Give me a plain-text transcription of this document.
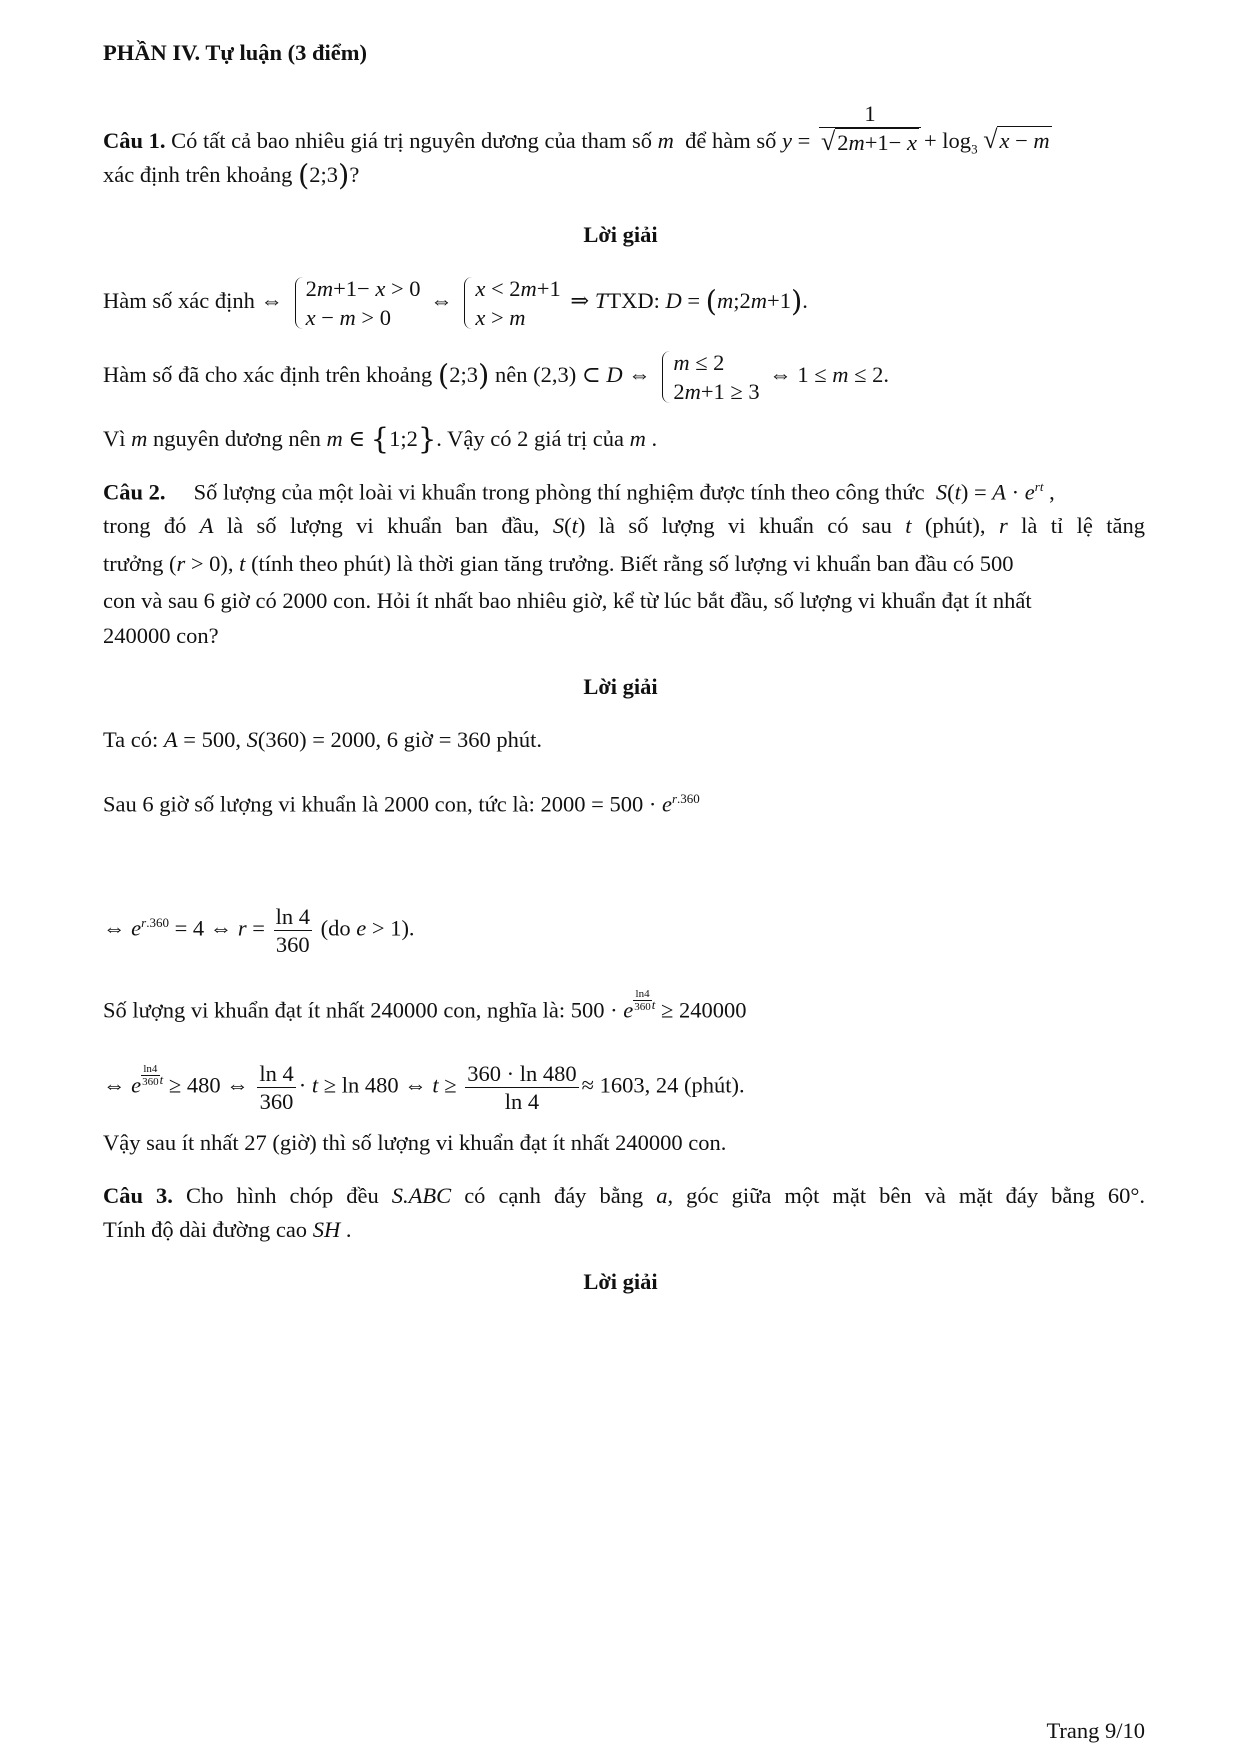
PHẦN IV. Tự luận (3 điểm)
Câu 1. Có tất cả bao nhiêu giá trị nguyên dương của tham số m để hàm số $y = \frac{1}{√2m+1- x} + \log_3 √x - m$
xác định trên khoảng (2;3)?
Lời giải
Hàm số xác định ⇔ 2m+1− x > 0
x − m > 0
⇔ x < 2m+1
x > m
⇒ TTXD: D = (m;2m+1).
Hàm số đã cho xác định trên khoảng (2;3) nên (2,3) ⊂ D ⇔ m ≤ 2
2m+1 ≥ 3
⇔ 1 ≤ m ≤ 2.
Vì m nguyên dương nên m ∈ {1;2}. Vậy có 2 giá trị của m .
Câu 2. Số lượng của một loài vi khuẩn trong phòng thí nghiệm được tính theo công thức $S(t) = A \cdot e^{rt}$ ,
trong đó A là số lượng vi khuẩn ban đầu, S(t) là số lượng vi khuẩn có sau t (phút), r là tỉ lệ tăng
trưởng (r > 0), t (tính theo phút) là thời gian tăng trưởng. Biết rằng số lượng vi khuẩn ban đầu có 500
con và sau 6 giờ có 2000 con. Hỏi ít nhất bao nhiêu giờ, kể từ lúc bắt đầu, số lượng vi khuẩn đạt ít nhất
240000 con?
Lời giải
Ta có: A = 500, S(360) = 2000, 6 giờ = 360 phút.
Sau 6 giờ số lượng vi khuẩn là 2000 con, tức là: $2000 = 500 \cdot e^{r.360}$
⇔ $e^{r.360} = 4$ ⇔ $r = \frac{\ln 4}{360} (do$ e > 1).
Số lượng vi khuẩn đạt ít nhất 240000 con, nghĩa là: 500 · e $\frac{\ln 4}{360} ^t \ge 240000$
⇔ e $\frac{\ln 4}{360} ^t \ge 480$ ⇔ $\frac{\ln 4}{360} \cdot t \ge \ln 480$ ⇔ $t \ge \frac{360 \cdot \ln 480}{\ln 4} \approx 1603$, 24 (phút).
Vậy sau ít nhất 27 (giờ) thì số lượng vi khuẩn đạt ít nhất 240000 con.
Câu 3. Cho hình chóp đều S.ABC có cạnh đáy bằng a, góc giữa một mặt bên và mặt đáy bằng 60°.
Tính độ dài đường cao SH .
Lời giải
Trang 9/10
